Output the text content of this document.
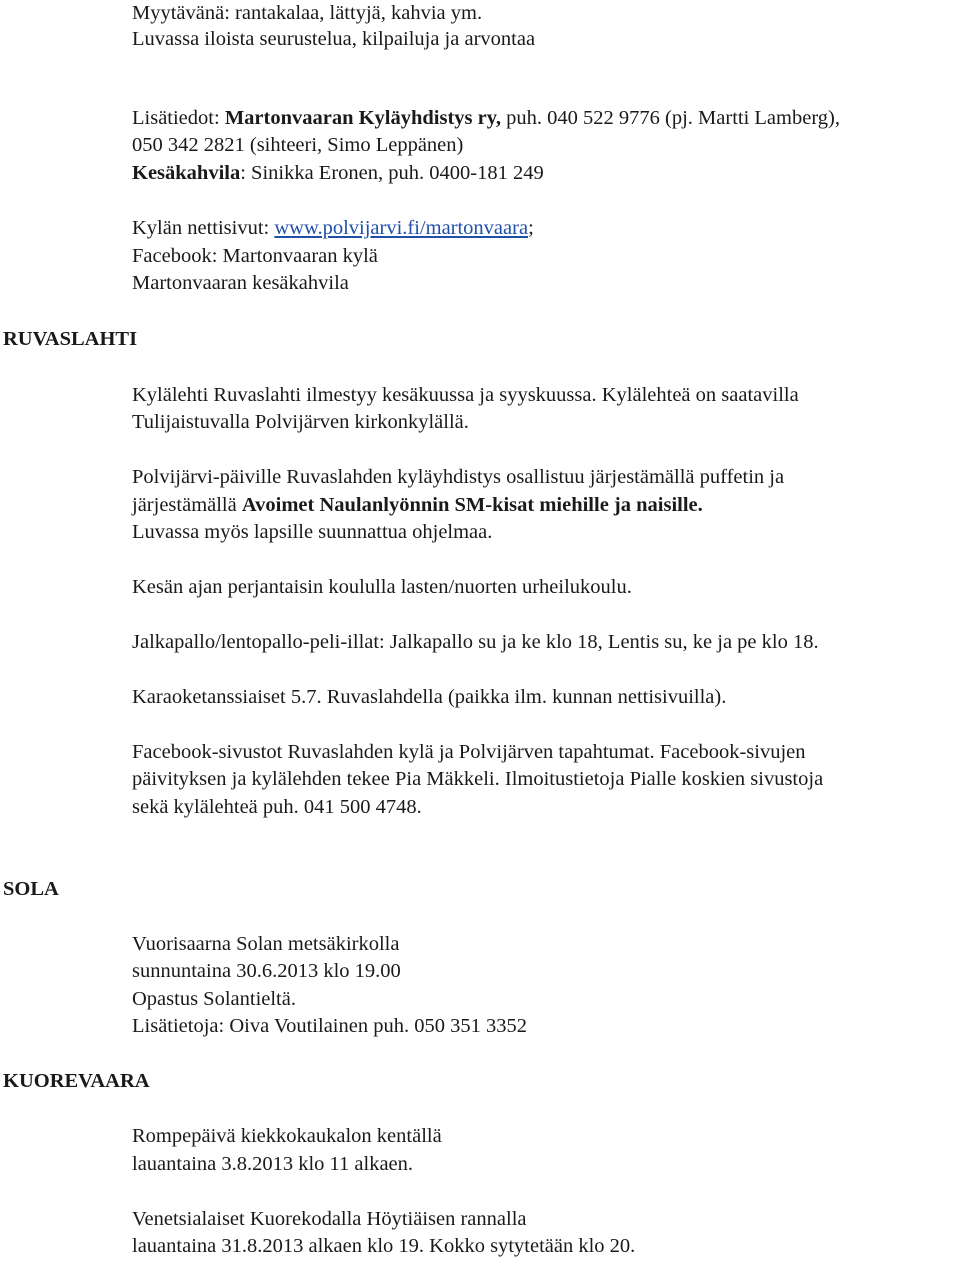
Myytävänä: rantakalaa, lättyjä, kahvia ym.
Luvassa iloista seurustelua, kilpailuja ja arvontaa
Lisätiedot: Martonvaaran Kyläyhdistys ry, puh. 040 522 9776 (pj. Martti Lamberg),
050 342 2821 (sihteeri, Simo Leppänen)
Kesäkahvila: Sinikka Eronen, puh. 0400-181 249
Kylän nettisivut: www.polvijarvi.fi/martonvaara;
Facebook: Martonvaaran kylä
Martonvaaran kesäkahvila
RUVASLAHTI
Kylälehti Ruvaslahti ilmestyy kesäkuussa ja syyskuussa. Kylälehteä on saatavilla
Tulijaistuvalla Polvijärven kirkonkylällä.
Polvijärvi-päiville Ruvaslahden kyläyhdistys osallistuu järjestämällä puffetin ja
järjestämällä Avoimet Naulanlyönnin SM-kisat miehille ja naisille.
Luvassa myös lapsille suunnattua ohjelmaa.
Kesän ajan perjantaisin koululla lasten/nuorten urheilukoulu.
Jalkapallo/lentopallo-peli-illat: Jalkapallo su ja ke klo 18, Lentis su, ke ja pe klo 18.
Karaoketanssiaiset 5.7. Ruvaslahdella (paikka ilm. kunnan nettisivuilla).
Facebook-sivustot Ruvaslahden kylä ja Polvijärven tapahtumat. Facebook-sivujen
päivityksen ja kylälehden tekee Pia Mäkkeli. Ilmoitustietoja Pialle koskien sivustoja
sekä kylälehteä puh. 041 500 4748.
SOLA
Vuorisaarna Solan metsäkirkolla
sunnuntaina 30.6.2013 klo 19.00
Opastus Solantieltä.
Lisätietoja: Oiva Voutilainen puh. 050 351 3352
KUOREVAARA
Rompepäivä kiekkokaukalon kentällä
lauantaina 3.8.2013 klo 11 alkaen.
Venetsialaiset Kuorekodalla Höytiäisen rannalla
lauantaina 31.8.2013 alkaen klo 19. Kokko sytytetään klo 20.
